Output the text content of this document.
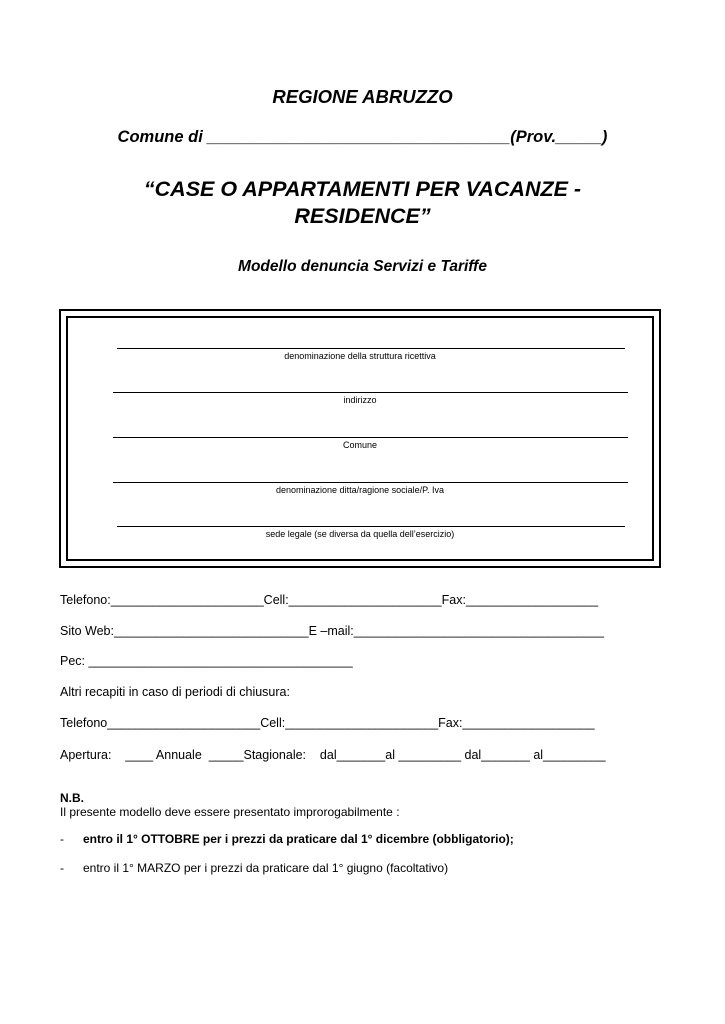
REGIONE ABRUZZO
Comune di _________________________________(Prov._____)
“CASE O APPARTAMENTI PER VACANZE -
RESIDENCE”
Modello denuncia Servizi e Tariffe
denominazione della struttura ricettiva
indirizzo
Comune
denominazione ditta/ragione sociale/P. Iva
sede legale (se diversa da quella dell’esercizio)
Telefono:______________________Cell:______________________Fax:___________________
Sito Web:____________________________E –mail:____________________________________
Pec: ______________________________________
Altri recapiti in caso di periodi di chiusura:
Telefono______________________Cell:______________________Fax:___________________
Apertura:    ____ Annuale  _____Stagionale:    dal_______al _________ dal_______ al_________
N.B.
Il presente modello deve essere presentato improrogabilmente :
- entro il 1° OTTOBRE per i prezzi da praticare dal 1° dicembre (obbligatorio);
- entro il 1° MARZO per i prezzi da praticare dal 1° giugno (facoltativo)
